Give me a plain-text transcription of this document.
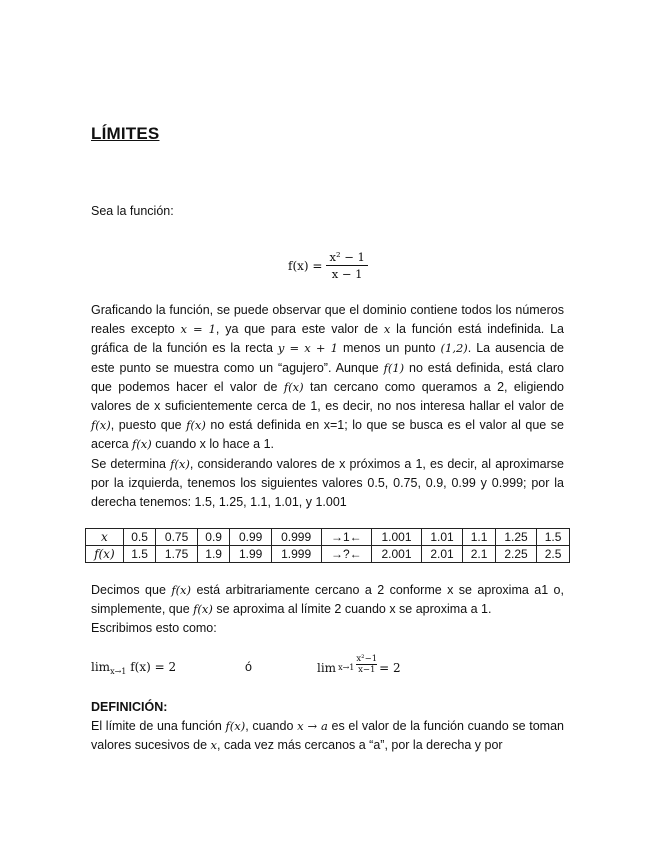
LÍMITES
Sea la función:
$f(x) = \frac{\text{x² − 1}}{x - 1}$

Graficando la función, se puede observar que el dominio contiene todos los números reales excepto x = 1, ya que para este valor de x la función está indefinida. La gráfica de la función es la recta y = x + 1 menos un punto (1,2). La ausencia de este punto se muestra como un “agujero”. Aunque f(1) no está definida, está claro que podemos hacer el valor de f(x) tan cercano como queramos a 2, eligiendo valores de x suficientemente cerca de 1, es decir, no nos interesa hallar el valor de f(x), puesto que f(x) no está definida en x=1; lo que se busca es el valor al que se acerca f(x) cuando x lo hace a 1.

Se determina f(x), considerando valores de x próximos a 1, es decir, al aproximarse por la izquierda, tenemos los siguientes valores 0.5, 0.75, 0.9, 0.99 y 0.999; por la derecha tenemos: 1.5, 1.25, 1.1, 1.01, y 1.001

x	0.5	0.75	0.9	0.99	0.999	→1←	1.001	1.01	1.1	1.25	1.5
f(x)	1.5	1.75	1.9	1.99	1.999	→?←	2.001	2.01	2.1	2.25	2.5

Decimos que f(x) está arbitrariamente cercano a 2 conforme x se aproxima a1 o, simplemente, que f(x) se aproxima al límite 2 cuando x se aproxima a 1.
Escribimos esto como:

$\lim_{x\to 1} f(x) = 2$	ó	$\lim x\to 1 \frac{\text{x²−1}}{x-1} = 2$
DEFINICIÓN:

El límite de una función f(x), cuando x → a es el valor de la función cuando se toman valores sucesivos de x, cada vez más cercanos a “a”, por la derecha y por
